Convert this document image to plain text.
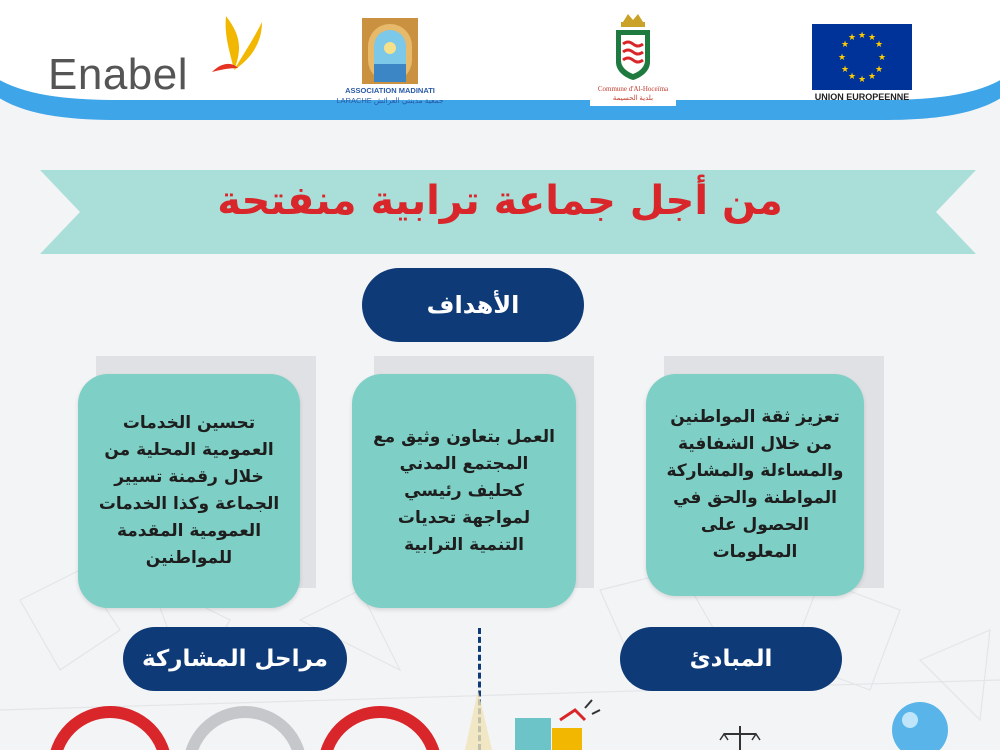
Enabel	ASSOCIATION MADINATI
LARACHE جمعية مدينتي العرائش
Commune d'Al-Hoceïma
بلدية الحسيمة
★ ★
★
★
★
★
★
★
★
★
★
★
UNION EUROPEENNE
من أجل جماعة ترابية منفتحة
الأهداف
تعزيز ثقة المواطنين
من خلال الشفافية
والمساءلة والمشاركة
المواطنة والحق في
الحصول على
المعلومات
العمل بتعاون وثيق مع
المجتمع المدني
كحليف رئيسي
لمواجهة تحديات
التنمية الترابية
تحسين الخدمات
العمومية المحلية من
خلال رقمنة تسيير
الجماعة وكذا الخدمات
العمومية المقدمة
للمواطنين
المبادئ
مراحل المشاركة
